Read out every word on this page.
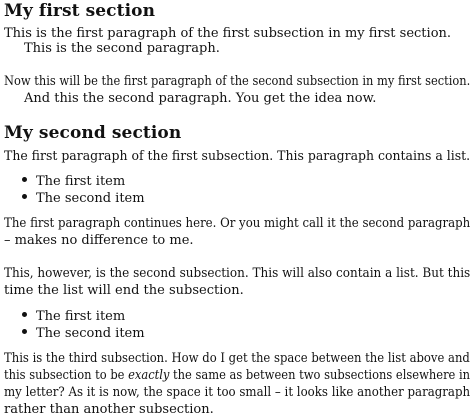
My first section
This is the first paragraph of the first subsection in my first section.
This is the second paragraph.
Now this will be the first paragraph of the second subsection in my first section.
And this the second paragraph. You get the idea now.
My second section
The first paragraph of the first subsection. This paragraph contains a list.
The first item
The second item
The first paragraph continues here. Or you might call it the second paragraph
– makes no difference to me.
This, however, is the second subsection. This will also contain a list. But this
time the list will end the subsection.
The first item
The second item
This is the third subsection. How do I get the space between the list above and
this subsection to be exactly the same as between two subsections elsewhere in
my letter? As it is now, the space it too small – it looks like another paragraph
rather than another subsection.
